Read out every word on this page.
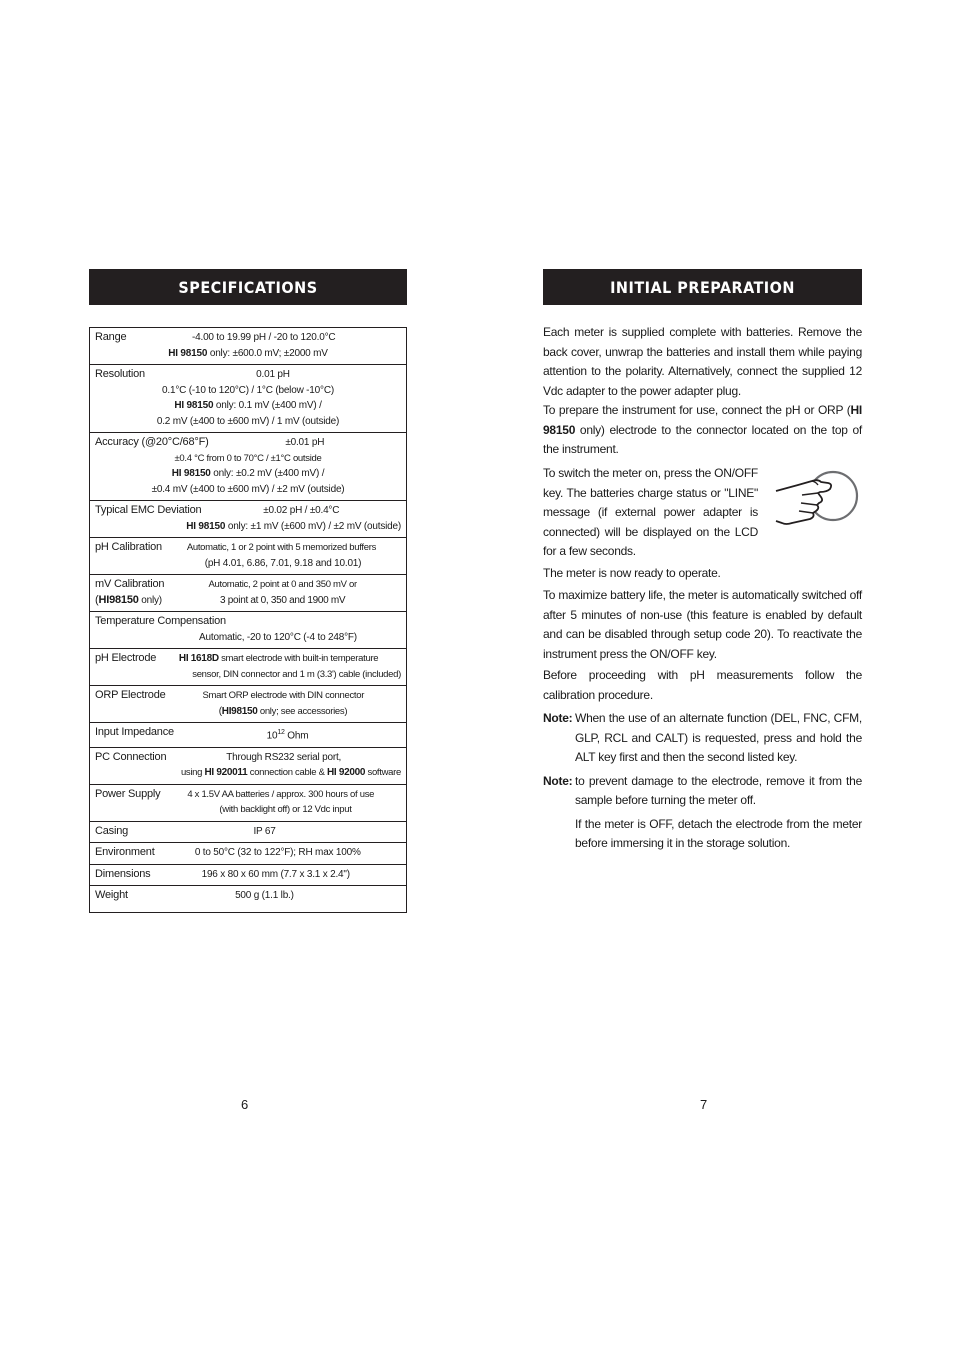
SPECIFICATIONS	INITIAL PREPARATION
Range	-4.00 to 19.99 pH / -20 to 120.0°C
HI 98150 only: ±600.0 mV; ±2000 mV

Resolution	0.01 pH
0.1°C (-10 to 120°C) / 1°C (below -10°C)
HI 98150 only: 0.1 mV (±400 mV) /
0.2 mV (±400 to ±600 mV) / 1 mV (outside)

Accuracy (@20°C/68°F)	±0.01 pH
±0.4 °C from 0 to 70°C / ±1°C outside
HI 98150 only: ±0.2 mV (±400 mV) /
±0.4 mV (±400 to ±600 mV) / ±2 mV (outside)

Typical EMC Deviation	±0.02 pH / ±0.4°C
HI 98150 only: ±1 mV (±600 mV) / ±2 mV (outside)

pH Calibration	Automatic, 1 or 2 point with 5 memorized buffers
(pH 4.01, 6.86, 7.01, 9.18 and 10.01)

mV Calibration
(HI98150 only)
Automatic, 2 point at 0 and 350 mV or
3 point at 0, 350 and 1900 mV

Temperature Compensation
Automatic, -20 to 120°C (-4 to 248°F)

pH Electrode	HI 1618D smart electrode with built-in temperature
sensor, DIN connector and 1 m (3.3') cable (included)

ORP Electrode	Smart ORP electrode with DIN connector
(HI98150 only; see accessories)

Input Impedance	$10^{12}$ Ohm

PC Connection	Through RS232 serial port,
using HI 920011 connection cable & HI 92000 software

Power Supply	4 x 1.5V AA batteries / approx. 300 hours of use
(with backlight off) or 12 Vdc input

Casing	IP 67

Environment	0 to 50°C (32 to 122°F); RH max 100%

Dimensions	196 x 80 x 60 mm (7.7 x 3.1 x 2.4")

Weight	500 g (1.1 lb.)

Each meter is supplied complete with batteries. Remove the back cover, unwrap the batteries and install them while paying attention to the polarity. Alternatively, connect the supplied 12 Vdc adapter to the power adapter plug.

To prepare the instrument for use, connect the pH or ORP (HI 98150 only) electrode to the connector located on the top of the instrument.

To switch the meter on, press the ON/OFF key. The batteries charge status or "LINE" message (if external power adapter is connected) will be displayed on the LCD for a few seconds.

The meter is now ready to operate.

To maximize battery life, the meter is automatically switched off after 5 minutes of non-use (this feature is enabled by default and can be disabled through setup code 20). To reactivate the instrument press the ON/OFF key.

Before proceeding with pH measurements follow the calibration procedure.

Note: When the use of an alternate function (DEL, FNC, CFM, GLP, RCL and CALT) is requested, press and hold the ALT key first and then the second listed key.
Note: to prevent damage to the electrode, remove it from the sample before turning the meter off.

If the meter is OFF, detach the electrode from the meter before immersing it in the storage solution.

6	7
